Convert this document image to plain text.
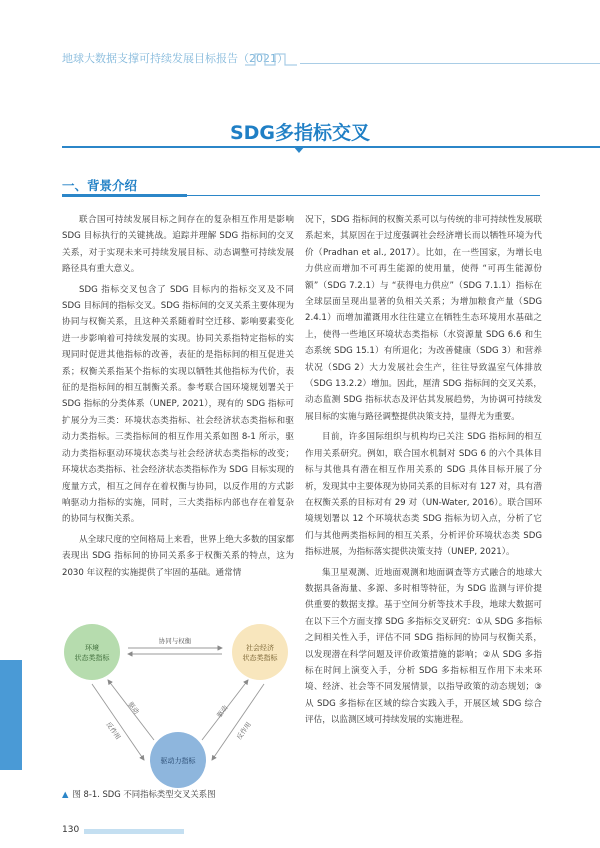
地球大数据支撑可持续发展目标报告（2021）
SDG多指标交叉
一、背景介绍

联合国可持续发展目标之间存在的复杂相互作用是影响 SDG 目标执行的关键挑战。追踪并理解 SDG 指标间的交叉关系，对于实现未来可持续发展目标、动态调整可持续发展路径具有重大意义。

SDG 指标交叉包含了 SDG 目标内的指标交叉及不同 SDG 目标间的指标交叉。SDG 指标间的交叉关系主要体现为协同与权衡关系，且这种关系随着时空迁移、影响要素变化进一步影响着可持续发展的实现。协同关系指特定指标的实现同时促进其他指标的改善，表征的是指标间的相互促进关系；权衡关系指某个指标的实现以牺牲其他指标为代价，表征的是指标间的相互制衡关系。参考联合国环境规划署关于 SDG 指标的分类体系（UNEP, 2021），现有的 SDG 指标可扩展分为三类：环境状态类指标、社会经济状态类指标和驱动力类指标。三类指标间的相互作用关系如图 8-1 所示，驱动力类指标驱动环境状态类与社会经济状态类指标的改变；环境状态类指标、社会经济状态类指标作为 SDG 目标实现的度量方式，相互之间存在着权衡与协同，以反作用的方式影响驱动力指标的实施，同时，三大类指标内部也存在着复杂的协同与权衡关系。

从全球尺度的空间格局上来看，世界上绝大多数的国家都表现出 SDG 指标间的协同关系多于权衡关系的特点，这为 2030 年议程的实施提供了牢固的基础。通常情

况下，SDG 指标间的权衡关系可以与传统的非可持续性发展联系起来，其原因在于过度强调社会经济增长而以牺牲环境为代价（Pradhan et al., 2017）。比如，在一些国家，为增长电力供应而增加不可再生能源的使用量，使得 “可再生能源份额”（SDG 7.2.1）与 “获得电力供应”（SDG 7.1.1）指标在全球层面呈现出显著的负相关关系；为增加粮食产量（SDG 2.4.1）而增加灌溉用水往往建立在牺牲生态环境用水基础之上，使得一些地区环境状态类指标（水资源量 SDG 6.6 和生态系统 SDG 15.1）有所退化；为改善健康（SDG 3）和营养状况（SDG 2）大力发展社会生产，往往导致温室气体排放（SDG 13.2.2）增加。因此，厘清 SDG 指标间的交叉关系，动态监测 SDG 指标状态及评估其发展趋势，为协调可持续发展目标的实施与路径调整提供决策支持，显得尤为重要。

目前，许多国际组织与机构均已关注 SDG 指标间的相互作用关系研究。例如，联合国水机制对 SDG 6 的六个具体目标与其他具有潜在相互作用关系的 SDG 具体目标开展了分析，发现其中主要体现为协同关系的目标对有 127 对，具有潜在权衡关系的目标对有 29 对（UN-Water, 2016）。联合国环境规划署以 12 个环境状态类 SDG 指标为切入点，分析了它们与其他两类指标间的相互关系，分析评价环境状态类 SDG 指标进展，为指标落实提供决策支持（UNEP, 2021）。

集卫星观测、近地面观测和地面调查等方式融合的地球大数据具备海量、多源、多时相等特征，为 SDG 监测与评价提供重要的数据支撑。基于空间分析等技术手段，地球大数据可在以下三个方面支撑 SDG 多指标交叉研究：①从 SDG 多指标之间相关性入手，评估不同 SDG 指标间的协同与权衡关系，以发现潜在科学问题及评价政策措施的影响；②从 SDG 多指标在时间上演变入手，分析 SDG 多指标相互作用下未来环境、经济、社会等不同发展情景，以指导政策的动态规划；③从 SDG 多指标在区域的综合实践入手，开展区域 SDG 综合评估，以监测区域可持续发展的实施进程。

协同与权衡
驱动
反作用
驱动
反作用
环境
状态类指标
社会经济
状态类指标
驱动力指标
▲ 图 8-1. SDG 不同指标类型交叉关系图
130
